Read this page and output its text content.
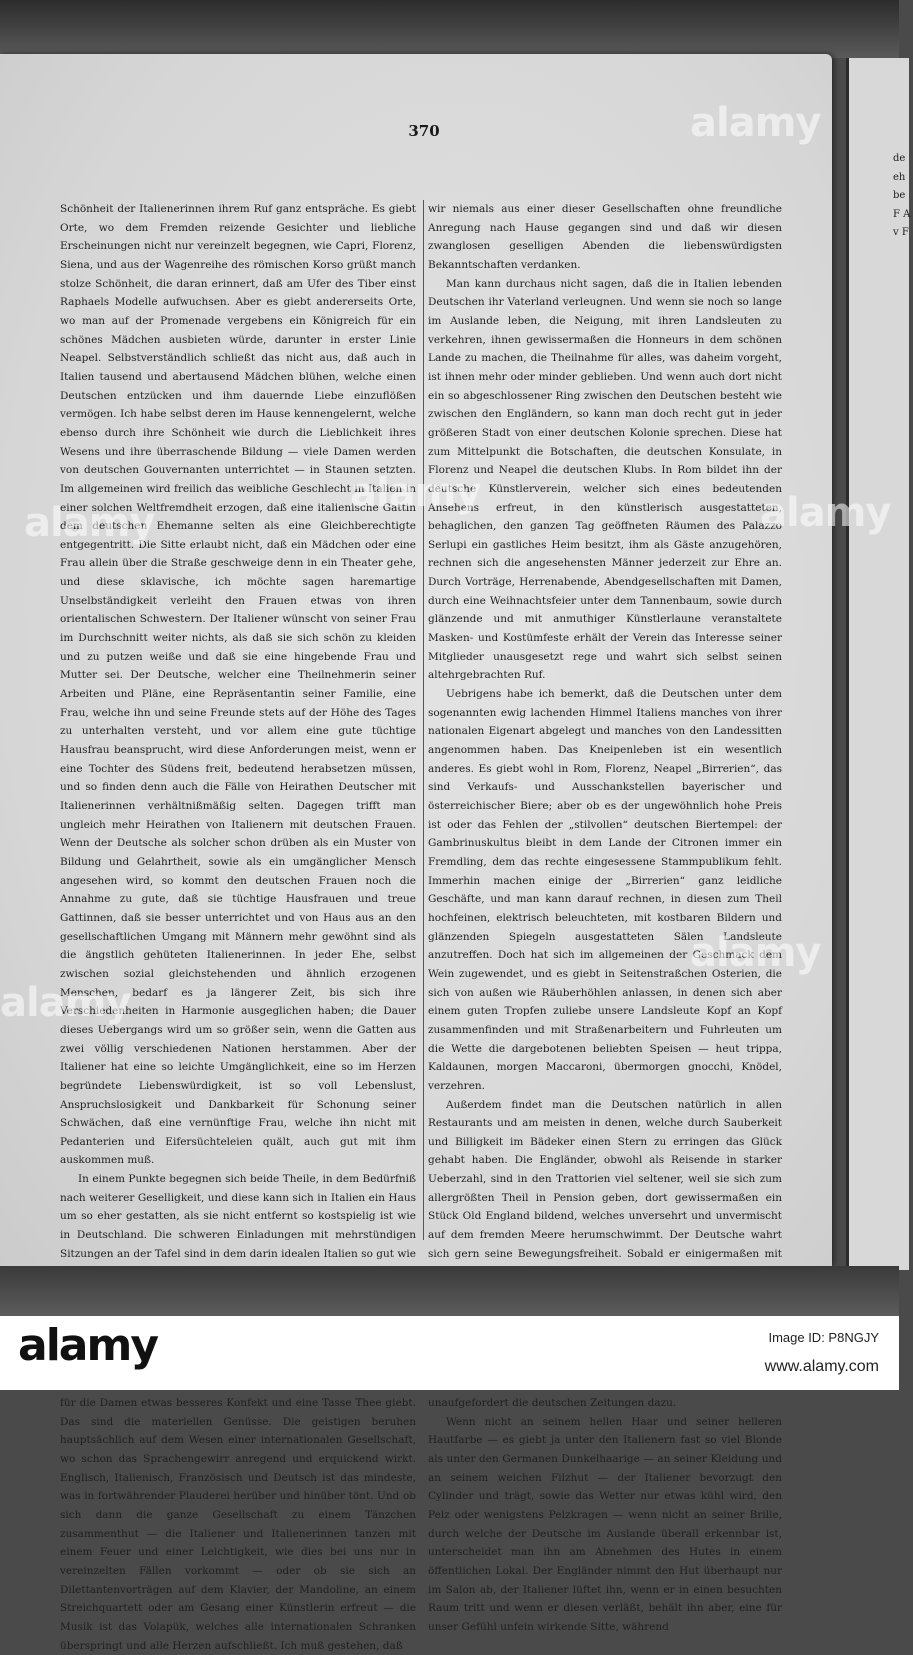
370

Schönheit der Italienerinnen ihrem Ruf ganz entspräche. Es giebt Orte, wo dem Fremden reizende Gesichter und liebliche Erscheinungen nicht nur vereinzelt begegnen, wie Capri, Florenz, Siena, und aus der Wagenreihe des römischen Korso grüßt manch stolze Schönheit, die daran erinnert, daß am Ufer des Tiber einst Raphaels Modelle aufwuchsen. Aber es giebt andererseits Orte, wo man auf der Promenade vergebens ein Königreich für ein schönes Mädchen ausbieten würde, darunter in erster Linie Neapel. Selbstverständlich schließt das nicht aus, daß auch in Italien tausend und abertausend Mädchen blühen, welche einen Deutschen entzücken und ihm dauernde Liebe einzuflößen vermögen. Ich habe selbst deren im Hause kennengelernt, welche ebenso durch ihre Schönheit wie durch die Lieblichkeit ihres Wesens und ihre überraschende Bildung — viele Damen werden von deutschen Gouvernanten unterrichtet — in Staunen setzten. Im allgemeinen wird freilich das weibliche Geschlecht in Italien in einer solchen Weltfremdheit erzogen, daß eine italienische Gattin dem deutschen Ehemanne selten als eine Gleichberechtigte entgegentritt. Die Sitte erlaubt nicht, daß ein Mädchen oder eine Frau allein über die Straße geschweige denn in ein Theater gehe, und diese sklavische, ich möchte sagen haremartige Unselbständigkeit verleiht den Frauen etwas von ihren orientalischen Schwestern. Der Italiener wünscht von seiner Frau im Durchschnitt weiter nichts, als daß sie sich schön zu kleiden und zu putzen weiße und daß sie eine hingebende Frau und Mutter sei. Der Deutsche, welcher eine Theilnehmerin seiner Arbeiten und Pläne, eine Repräsentantin seiner Familie, eine Frau, welche ihn und seine Freunde stets auf der Höhe des Tages zu unterhalten versteht, und vor allem eine gute tüchtige Hausfrau beansprucht, wird diese Anforderungen meist, wenn er eine Tochter des Südens freit, bedeutend herabsetzen müssen, und so finden denn auch die Fälle von Heirathen Deutscher mit Italienerinnen verhältnißmäßig selten. Dagegen trifft man ungleich mehr Heirathen von Italienern mit deutschen Frauen. Wenn der Deutsche als solcher schon drüben als ein Muster von Bildung und Gelahrtheit, sowie als ein umgänglicher Mensch angesehen wird, so kommt den deutschen Frauen noch die Annahme zu gute, daß sie tüchtige Hausfrauen und treue Gattinnen, daß sie besser unterrichtet und von Haus aus an den gesellschaftlichen Umgang mit Männern mehr gewöhnt sind als die ängstlich gehüteten Italienerinnen. In jeder Ehe, selbst zwischen sozial gleichstehenden und ähnlich erzogenen Menschen, bedarf es ja längerer Zeit, bis sich ihre Verschiedenheiten in Harmonie ausgeglichen haben; die Dauer dieses Uebergangs wird um so größer sein, wenn die Gatten aus zwei völlig verschiedenen Nationen herstammen. Aber der Italiener hat eine so leichte Umgänglichkeit, eine so im Herzen begründete Liebenswürdigkeit, ist so voll Lebenslust, Anspruchslosigkeit und Dankbarkeit für Schonung seiner Schwächen, daß eine vernünftige Frau, welche ihn nicht mit Pedanterien und Eifersüchteleien quält, auch gut mit ihm auskommen muß.

In einem Punkte begegnen sich beide Theile, in dem Bedürfniß nach weiterer Geselligkeit, und diese kann sich in Italien ein Haus um so eher gestatten, als sie nicht entfernt so kostspielig ist wie in Deutschland. Die schweren Einladungen mit mehrstündigen Sitzungen an der Tafel sind in dem darin idealen Italien so gut wie für die Damen etwas besseres Konfekt und eine Tasse Thee giebt. Das sind die materiellen Genüsse. Die geistigen beruhen hauptsächlich auf dem Wesen einer internationalen Gesellschaft, wo schon das Sprachengewirr anregend und erquickend wirkt. Englisch, Italienisch, Französisch und Deutsch ist das mindeste, was in fortwährender Plauderei herüber und hinüber tönt. Und ob sich dann die ganze Gesellschaft zu einem Tänzchen zusammenthut — die Italiener und Italienerinnen tanzen mit einem Feuer und einer Leichtigkeit, wie dies bei uns nur in vereinzelten Fällen vorkommt — oder ob sie sich an Dilettantenvorträgen auf dem Klavier, der Mandoline, an einem Streichquartett oder am Gesang einer Künstlerin erfreut — die Musik ist das Volapük, welches alle internationalen Schranken überspringt und alle Herzen aufschließt. Ich muß gestehen, daß

wir niemals aus einer dieser Gesellschaften ohne freundliche Anregung nach Hause gegangen sind und daß wir diesen zwanglosen geselligen Abenden die liebenswürdigsten Bekanntschaften verdanken.

Man kann durchaus nicht sagen, daß die in Italien lebenden Deutschen ihr Vaterland verleugnen. Und wenn sie noch so lange im Auslande leben, die Neigung, mit ihren Landsleuten zu verkehren, ihnen gewissermaßen die Honneurs in dem schönen Lande zu machen, die Theilnahme für alles, was daheim vorgeht, ist ihnen mehr oder minder geblieben. Und wenn auch dort nicht ein so abgeschlossener Ring zwischen den Deutschen besteht wie zwischen den Engländern, so kann man doch recht gut in jeder größeren Stadt von einer deutschen Kolonie sprechen. Diese hat zum Mittelpunkt die Botschaften, die deutschen Konsulate, in Florenz und Neapel die deutschen Klubs. In Rom bildet ihn der deutsche Künstlerverein, welcher sich eines bedeutenden Ansehens erfreut, in den künstlerisch ausgestatteten, behaglichen, den ganzen Tag geöffneten Räumen des Palazzo Serlupi ein gastliches Heim besitzt, ihm als Gäste anzugehören, rechnen sich die angesehensten Männer jederzeit zur Ehre an. Durch Vorträge, Herrenabende, Abendgesellschaften mit Damen, durch eine Weihnachtsfeier unter dem Tannenbaum, sowie durch glänzende und mit anmuthiger Künstlerlaune veranstaltete Masken- und Kostümfeste erhält der Verein das Interesse seiner Mitglieder unausgesetzt rege und wahrt sich selbst seinen altehrgebrachten Ruf.

Uebrigens habe ich bemerkt, daß die Deutschen unter dem sogenannten ewig lachenden Himmel Italiens manches von ihrer nationalen Eigenart abgelegt und manches von den Landessitten angenommen haben. Das Kneipenleben ist ein wesentlich anderes. Es giebt wohl in Rom, Florenz, Neapel „Birrerien“, das sind Verkaufs- und Ausschankstellen bayerischer und österreichischer Biere; aber ob es der ungewöhnlich hohe Preis ist oder das Fehlen der „stilvollen“ deutschen Biertempel: der Gambrinuskultus bleibt in dem Lande der Citronen immer ein Fremdling, dem das rechte eingesessene Stammpublikum fehlt. Immerhin machen einige der „Birrerien“ ganz leidliche Geschäfte, und man kann darauf rechnen, in diesen zum Theil hochfeinen, elektrisch beleuchteten, mit kostbaren Bildern und glänzenden Spiegeln ausgestatteten Sälen Landsleute anzutreffen. Doch hat sich im allgemeinen der Geschmack dem Wein zugewendet, und es giebt in Seitenstraßchen Osterien, die sich von außen wie Räuberhöhlen anlassen, in denen sich aber einem guten Tropfen zuliebe unsere Landsleute Kopf an Kopf zusammenfinden und mit Straßenarbeitern und Fuhrleuten um die Wette die dargebotenen beliebten Speisen — heut trippa, Kaldaunen, morgen Maccaroni, übermorgen gnocchi, Knödel, verzehren.

Außerdem findet man die Deutschen natürlich in allen Restaurants und am meisten in denen, welche durch Sauberkeit und Billigkeit im Bädeker einen Stern zu erringen das Glück gehabt haben. Die Engländer, obwohl als Reisende in starker Ueberzahl, sind in den Trattorien viel seltener, weil sie sich zum allergrößten Theil in Pension geben, dort gewissermaßen ein Stück Old England bildend, welches unversehrt und unvermischt auf dem fremden Meere herumschwimmt. Der Deutsche wahrt sich gern seine Bewegungsfreiheit. Sobald er einigermaßen mit unaufgefordert die deutschen Zeitungen dazu.

Wenn nicht an seinem hellen Haar und seiner helleren Hautfarbe — es giebt ja unter den Italienern fast so viel Blonde als unter den Germanen Dunkelhaarige — an seiner Kleidung und an seinem weichen Filzhut — der Italiener bevorzugt den Cylinder und trägt, sowie das Wetter nur etwas kühl wird, den Pelz oder wenigstens Pelzkragen — wenn nicht an seiner Brille, durch welche der Deutsche im Auslande überall erkennbar ist, unterscheidet man ihn am Abnehmen des Hutes in einem öffentlichen Lokal. Der Engländer nimmt den Hut überhaupt nur im Salon ab, der Italiener lüftet ihn, wenn er in einen besuchten Raum tritt und wenn er diesen verläßt, behält ihn aber, eine für unser Gefühl unfein wirkende Sitte, während

de eh be F A v F
alamy
alamy
alamy
alamy
alamy
alamy
alamy	Image ID: P8NGJY
www.alamy.com
